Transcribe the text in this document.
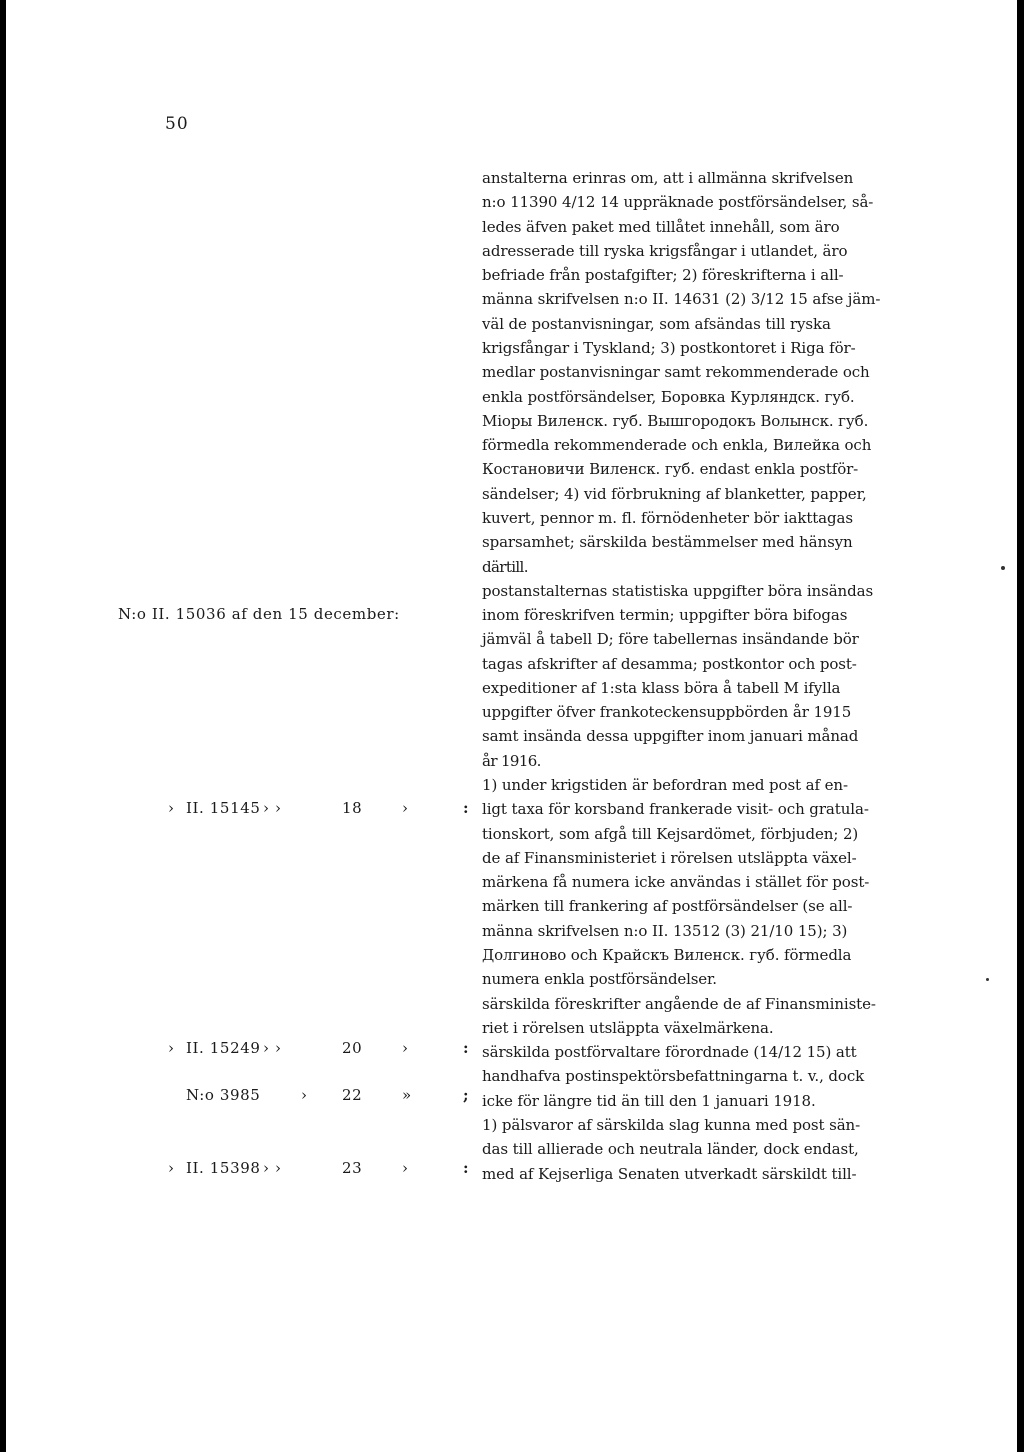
50
anstalterna erinras om, att i allmänna skrifvelsen
n:o 11390 4/12 14 uppräknade postförsändelser, så-
ledes äfven paket med tillåtet innehåll, som äro
adresserade till ryska krigsfångar i utlandet, äro
befriade från postafgifter; 2) föreskrifterna i all-
männa skrifvelsen n:o II. 14631 (2) 3/12 15 afse jäm-
väl de postanvisningar, som afsändas till ryska
krigsfångar i Tyskland; 3) postkontoret i Riga för-
medlar postanvisningar samt rekommenderade och
enkla postförsändelser, Боровка Курляндск. губ.
Міоры Виленск. губ. Вышгородокъ Волынск. губ.
förmedla rekommenderade och enkla, Вилейка och
Костановичи Виленск. губ. endast enkla postför-
sändelser; 4) vid förbrukning af blanketter, papper,
kuvert, pennor m. fl. förnödenheter bör iakttagas
sparsamhet; särskilda bestämmelser med hänsyn
därtill.
postanstalternas statistiska uppgifter böra insändas
inom föreskrifven termin; uppgifter böra bifogas
jämväl å tabell D; före tabellernas insändande bör
tagas afskrifter af desamma; postkontor och post-
expeditioner af 1:sta klass böra å tabell M ifylla
uppgifter öfver frankoteckensuppbörden år 1915
samt insända dessa uppgifter inom januari månad
år 1916.
1) under krigstiden är befordran med post af en-
ligt taxa för korsband frankerade visit- och gratula-
tionskort, som afgå till Kejsardömet, förbjuden; 2)
de af Finansministeriet i rörelsen utsläppta växel-
märkena få numera icke användas i stället för post-
märken till frankering af postförsändelser (se all-
männa skrifvelsen n:o II. 13512 (3) 21/10 15); 3)
Долгиново och Крайскъ Виленск. губ. förmedla
numera enkla postförsändelser.
särskilda föreskrifter angående de af Finansministe-
riet i rörelsen utsläppta växelmärkena.
särskilda postförvaltare förordnade (14/12 15) att
handhafva postinspektörsbefattningarna t. v., dock
icke för längre tid än till den 1 januari 1918.
1) pälsvaror af särskilda slag kunna med post sän-
das till allierade och neutrala länder, dock endast,
med af Kejserliga Senaten utverkadt särskildt till-
N:o II. 15036 af den 15 december:
› II. 15145 › ›	18	›	:
› II. 15249 › ›	20	›	:
N:o 3985	› 22	»	;
› II. 15398 › ›	23	›	:
